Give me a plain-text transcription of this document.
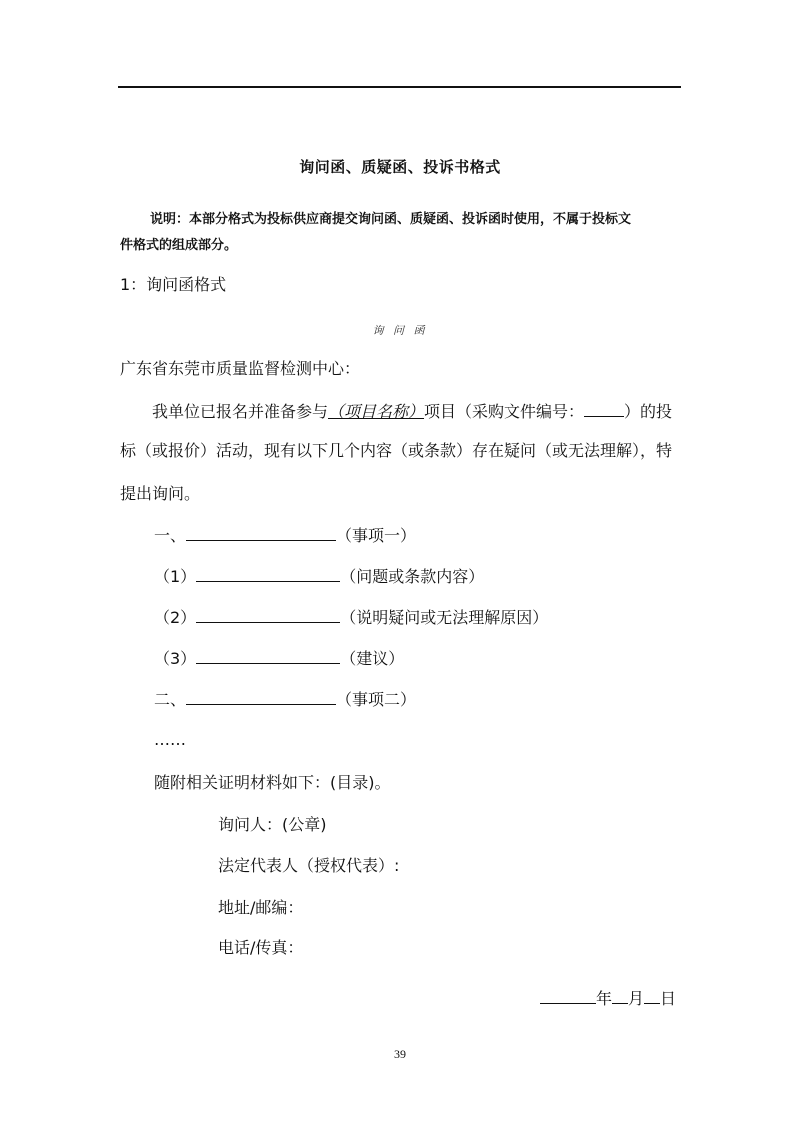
询问函、质疑函、投诉书格式
说明：本部分格式为投标供应商提交询问函、质疑函、投诉函时使用，不属于投标文
件格式的组成部分。
1：询问函格式
询 问 函
广东省东莞市质量监督检测中心：
我单位已报名并准备参与（项目名称）项目（采购文件编号：	）的投
标（或报价）活动，现有以下几个内容（或条款）存在疑问（或无法理解），特
提出询问。
一、	（事项一）
（1）	（问题或条款内容）
（2）	（说明疑问或无法理解原因）
（3）	（建议）
二、	（事项二）
……
随附相关证明材料如下：(目录)。
询问人：(公章)
法定代表人（授权代表）:
地址/邮编：
电话/传真：
年 月 日
39
